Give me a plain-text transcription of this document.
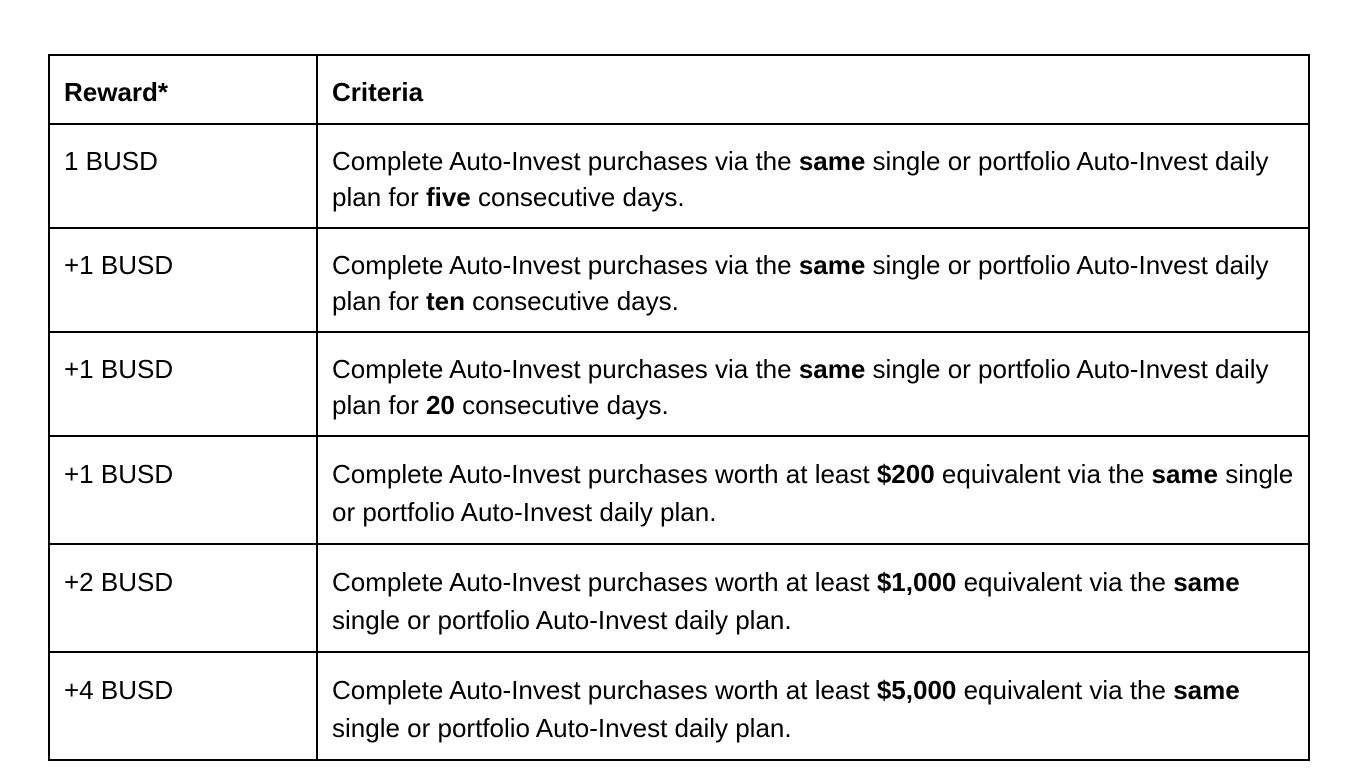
Reward*	Criteria
1 BUSD	Complete Auto-Invest purchases via the same single or portfolio Auto-Invest daily plan for five consecutive days.
+1 BUSD	Complete Auto-Invest purchases via the same single or portfolio Auto-Invest daily plan for ten consecutive days.
+1 BUSD	Complete Auto-Invest purchases via the same single or portfolio Auto-Invest daily plan for 20 consecutive days.
+1 BUSD	Complete Auto-Invest purchases worth at least $200 equivalent via the same single or portfolio Auto-Invest daily plan.
+2 BUSD	Complete Auto-Invest purchases worth at least $1,000 equivalent via the same single or portfolio Auto-Invest daily plan.
+4 BUSD	Complete Auto-Invest purchases worth at least $5,000 equivalent via the same single or portfolio Auto-Invest daily plan.
